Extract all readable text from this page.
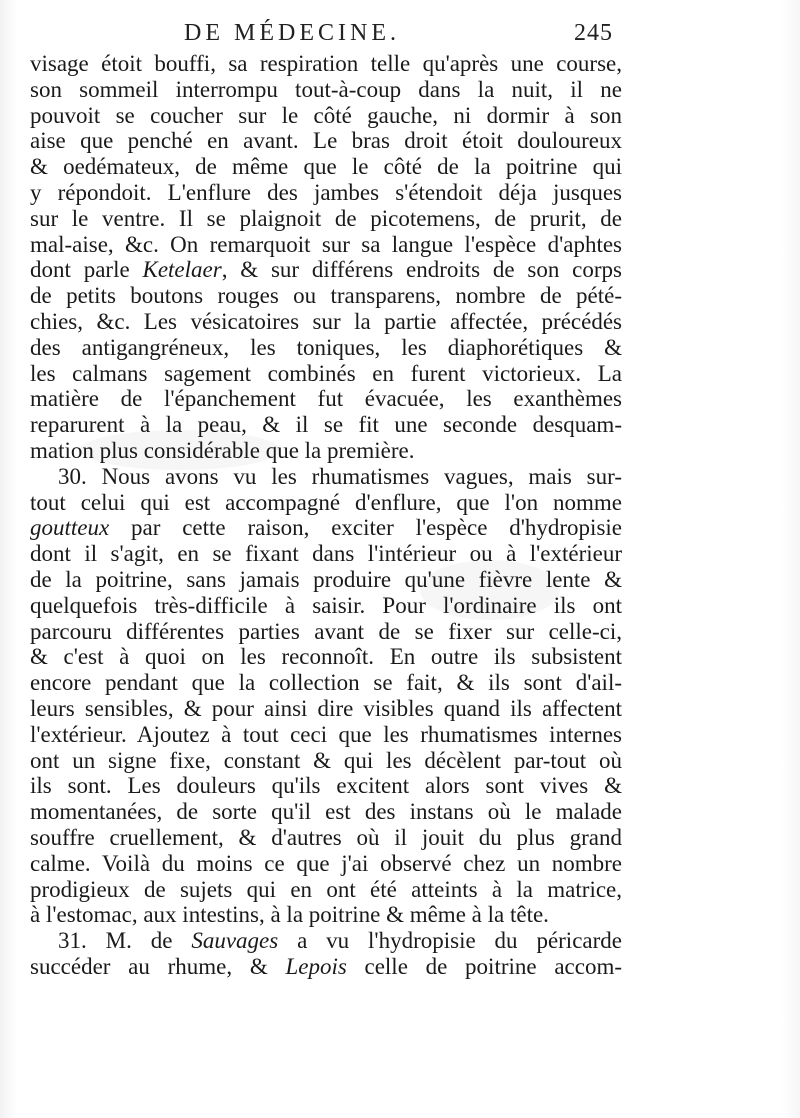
DE MÉDECINE.	245
visage étoit bouffi, sa respiration telle qu'après une course,
son sommeil interrompu tout-à-coup dans la nuit, il ne
pouvoit se coucher sur le côté gauche, ni dormir à son
aise que penché en avant. Le bras droit étoit douloureux
& oedémateux, de même que le côté de la poitrine qui
y répondoit. L'enflure des jambes s'étendoit déja jusques
sur le ventre. Il se plaignoit de picotemens, de prurit, de
mal-aise, &c. On remarquoit sur sa langue l'espèce d'aphtes
dont parle Ketelaer, & sur différens endroits de son corps
de petits boutons rouges ou transparens, nombre de pété-
chies, &c. Les vésicatoires sur la partie affectée, précédés
des antigangréneux, les toniques, les diaphorétiques &
les calmans sagement combinés en furent victorieux. La
matière de l'épanchement fut évacuée, les exanthèmes
reparurent à la peau, & il se fit une seconde desquam-
mation plus considérable que la première.
30. Nous avons vu les rhumatismes vagues, mais sur-
tout celui qui est accompagné d'enflure, que l'on nomme
goutteux par cette raison, exciter l'espèce d'hydropisie
dont il s'agit, en se fixant dans l'intérieur ou à l'extérieur
de la poitrine, sans jamais produire qu'une fièvre lente &
quelquefois très-difficile à saisir. Pour l'ordinaire ils ont
parcouru différentes parties avant de se fixer sur celle-ci,
& c'est à quoi on les reconnoît. En outre ils subsistent
encore pendant que la collection se fait, & ils sont d'ail-
leurs sensibles, & pour ainsi dire visibles quand ils affectent
l'extérieur. Ajoutez à tout ceci que les rhumatismes internes
ont un signe fixe, constant & qui les décèlent par-tout où
ils sont. Les douleurs qu'ils excitent alors sont vives &
momentanées, de sorte qu'il est des instans où le malade
souffre cruellement, & d'autres où il jouit du plus grand
calme. Voilà du moins ce que j'ai observé chez un nombre
prodigieux de sujets qui en ont été atteints à la matrice,
à l'estomac, aux intestins, à la poitrine & même à la tête.
31. M. de Sauvages a vu l'hydropisie du péricarde
succéder au rhume, & Lepois celle de poitrine accom-
